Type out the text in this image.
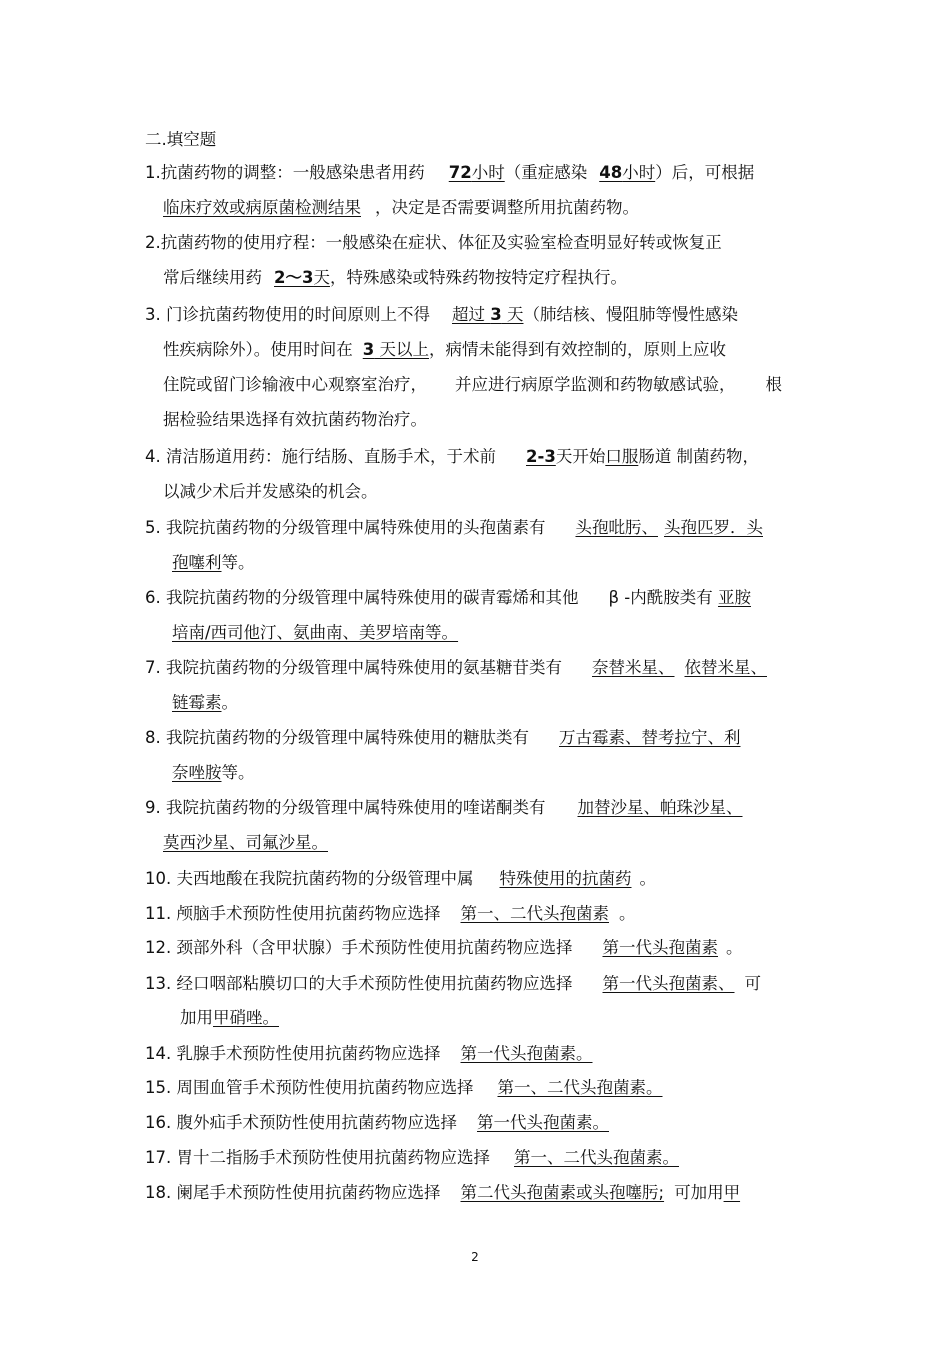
二.填空题
1.抗菌药物的调整：一般感染患者用药 72小时（重症感染 48小时）后，可根据
临床疗效或病原菌检测结果 ，决定是否需要调整所用抗菌药物。
2.抗菌药物的使用疗程：一般感染在症状、体征及实验室检查明显好转或恢复正
常后继续用药 2～3天，特殊感染或特殊药物按特定疗程执行。
3. 门诊抗菌药物使用的时间原则上不得 超过 3 天（肺结核、慢阻肺等慢性感染
性疾病除外）。使用时间在 3 天以上，病情未能得到有效控制的，原则上应收
住院或留门诊输液中心观察室治疗， 并应进行病原学监测和药物敏感试验， 根
据检验结果选择有效抗菌药物治疗。
4. 清洁肠道用药：施行结肠、直肠手术，于术前 2-3天开始口服肠道 制菌药物，
以减少术后并发感染的机会。
5. 我院抗菌药物的分级管理中属特殊使用的头孢菌素有 头孢吡肟、 头孢匹罗．头
孢噻利等。
6. 我院抗菌药物的分级管理中属特殊使用的碳青霉烯和其他 β -内酰胺类有 亚胺
培南/西司他汀、氨曲南、美罗培南等。
7. 我院抗菌药物的分级管理中属特殊使用的氨基糖苷类有 奈替米星、 依替米星、
链霉素。
8. 我院抗菌药物的分级管理中属特殊使用的糖肽类有 万古霉素、替考拉宁、利
奈唑胺等。
9. 我院抗菌药物的分级管理中属特殊使用的喹诺酮类有 加替沙星、帕珠沙星、
莫西沙星、司氟沙星。
10. 夫西地酸在我院抗菌药物的分级管理中属 特殊使用的抗菌药 。
11. 颅脑手术预防性使用抗菌药物应选择 第一、二代头孢菌素 。
12. 颈部外科（含甲状腺）手术预防性使用抗菌药物应选择 第一代头孢菌素 。
13. 经口咽部粘膜切口的大手术预防性使用抗菌药物应选择 第一代头孢菌素、 可
加用甲硝唑。
14. 乳腺手术预防性使用抗菌药物应选择 第一代头孢菌素。
15. 周围血管手术预防性使用抗菌药物应选择 第一、二代头孢菌素。
16. 腹外疝手术预防性使用抗菌药物应选择 第一代头孢菌素。
17. 胃十二指肠手术预防性使用抗菌药物应选择 第一、二代头孢菌素。
18. 阑尾手术预防性使用抗菌药物应选择 第二代头孢菌素或头孢噻肟; 可加用甲
2
